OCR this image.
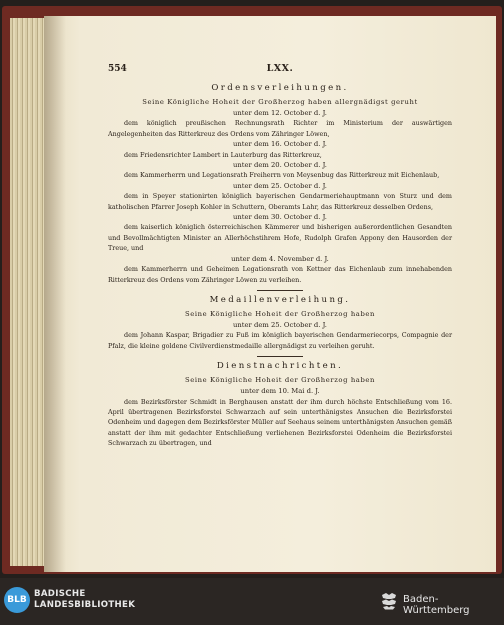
554	LXX.
Ordensverleihungen.
Seine Königliche Hoheit der Großherzog haben allergnädigst geruht
unter dem 12. October d. J.

dem königlich preußischen Rechnungsrath Richter im Ministerium der auswärtigen Angelegenheiten das Ritterkreuz des Ordens vom Zähringer Löwen,

unter dem 16. October d. J.

dem Friedensrichter Lambert in Lauterburg das Ritterkreuz,

unter dem 20. October d. J.

dem Kammerherrn und Legationsrath Freiherrn von Meysenbug das Ritterkreuz mit Eichenlaub,

unter dem 25. October d. J.

dem in Speyer stationirten königlich bayerischen Gendarmeriehauptmann von Sturz und dem katholischen Pfarrer Joseph Kohler in Schuttern, Oberamts Lahr, das Ritterkreuz desselben Ordens,

unter dem 30. October d. J.

dem kaiserlich königlich österreichischen Kämmerer und bisherigen außerordentlichen Gesandten und Bevollmächtigten Minister an Allerhöchstihrem Hofe, Rudolph Grafen Appony den Hausorden der Treue, und

unter dem 4. November d. J.

dem Kammerherrn und Geheimen Legationsrath von Kettner das Eichenlaub zum innehabenden Ritterkreuz des Ordens vom Zähringer Löwen zu verleihen.

Medaillenverleihung.
Seine Königliche Hoheit der Großherzog haben
unter dem 25. October d. J.

dem Johann Kaspar, Brigadier zu Fuß im königlich bayerischen Gendarmeriecorps, Compagnie der Pfalz, die kleine goldene Civilverdienstmedaille allergnädigst zu verleihen geruht.

Dienstnachrichten.
Seine Königliche Hoheit der Großherzog haben
unter dem 10. Mai d. J.

dem Bezirksförster Schmidt in Berghausen anstatt der ihm durch höchste Entschließung vom 16. April übertragenen Bezirksforstei Schwarzach auf sein unterthänigstes Ansuchen die Bezirksforstei Odenheim und dagegen dem Bezirksförster Müller auf Seehaus seinem unterthänigsten Ansuchen gemäß anstatt der ihm mit gedachter Entschließung verliehenen Bezirksforstei Odenheim die Bezirksforstei Schwarzach zu übertragen, und

BLB
BADISCHE
LANDESBIBLIOTHEK	Baden-Württemberg
